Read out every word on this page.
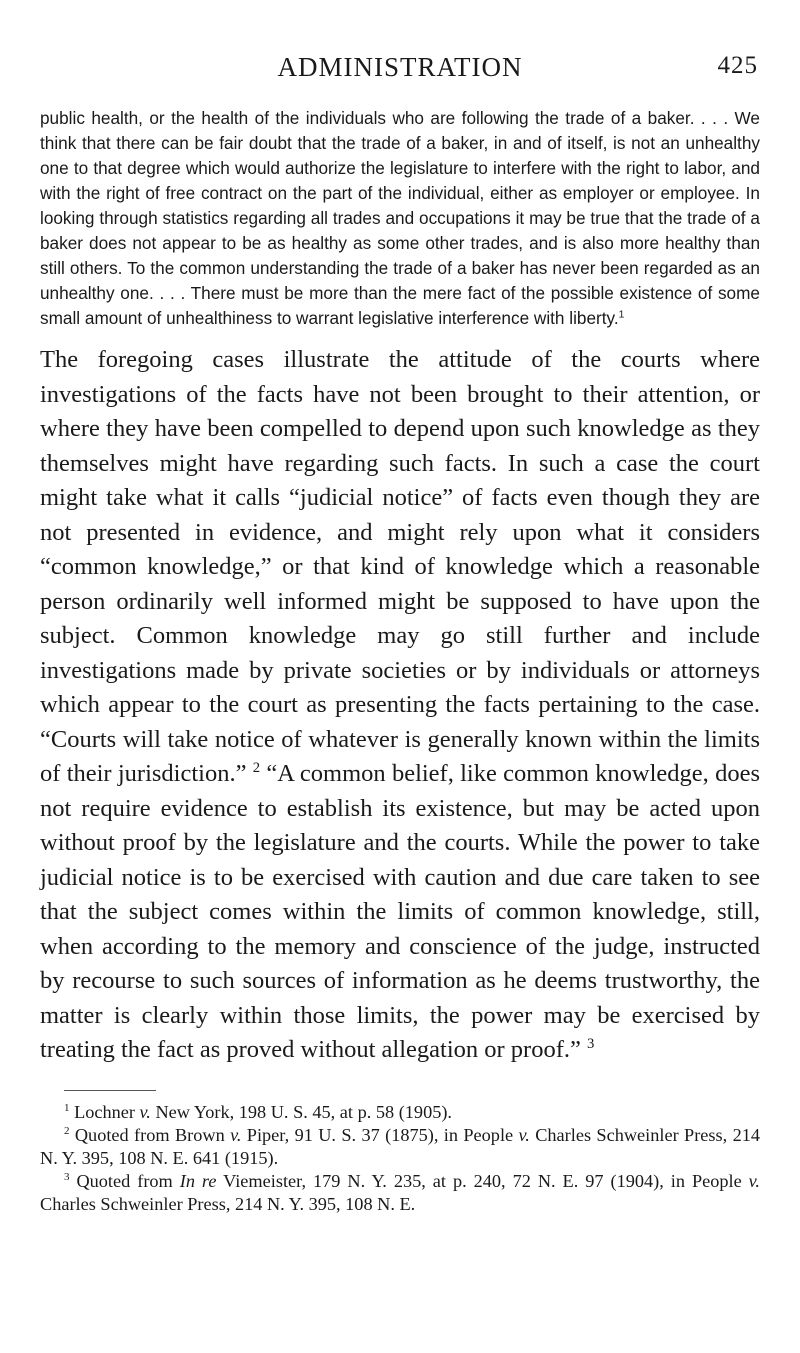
ADMINISTRATION	425

public health, or the health of the individuals who are following the trade of a baker. . . . We think that there can be fair doubt that the trade of a baker, in and of itself, is not an unhealthy one to that degree which would authorize the legislature to interfere with the right to labor, and with the right of free contract on the part of the individual, either as employer or employee. In looking through statistics regarding all trades and occupations it may be true that the trade of a baker does not appear to be as healthy as some other trades, and is also more healthy than still others. To the common understanding the trade of a baker has never been regarded as an unhealthy one. . . . There must be more than the mere fact of the possible existence of some small amount of unhealthiness to warrant legislative interference with liberty.$^1$

The foregoing cases illustrate the attitude of the courts where investigations of the facts have not been brought to their attention, or where they have been compelled to depend upon such knowledge as they themselves might have regarding such facts. In such a case the court might take what it calls “judicial notice” of facts even though they are not presented in evidence, and might rely upon what it considers “common knowledge,” or that kind of knowledge which a reasonable person ordinarily well informed might be supposed to have upon the subject. Common knowledge may go still further and include investigations made by private societies or by individuals or attorneys which appear to the court as presenting the facts pertaining to the case. “Courts will take notice of whatever is generally known within the limits of their jurisdiction.” $^2$ “A common belief, like common knowledge, does not require evidence to establish its existence, but may be acted upon without proof by the legislature and the courts. While the power to take judicial notice is to be exercised with caution and due care taken to see that the subject comes within the limits of common knowledge, still, when according to the memory and conscience of the judge, instructed by recourse to such sources of information as he deems trustworthy, the matter is clearly within those limits, the power may be exercised by treating the fact as proved without allegation or proof.” $^3$

$^1$ Lochner v. New York, 198 U. S. 45, at p. 58 (1905).
$^2$ Quoted from Brown v. Piper, 91 U. S. 37 (1875), in People v. Charles Schweinler Press, 214 N. Y. 395, 108 N. E. 641 (1915).
$^3$ Quoted from In re Viemeister, 179 N. Y. 235, at p. 240, 72 N. E. 97 (1904), in People v. Charles Schweinler Press, 214 N. Y. 395, 108 N. E.
